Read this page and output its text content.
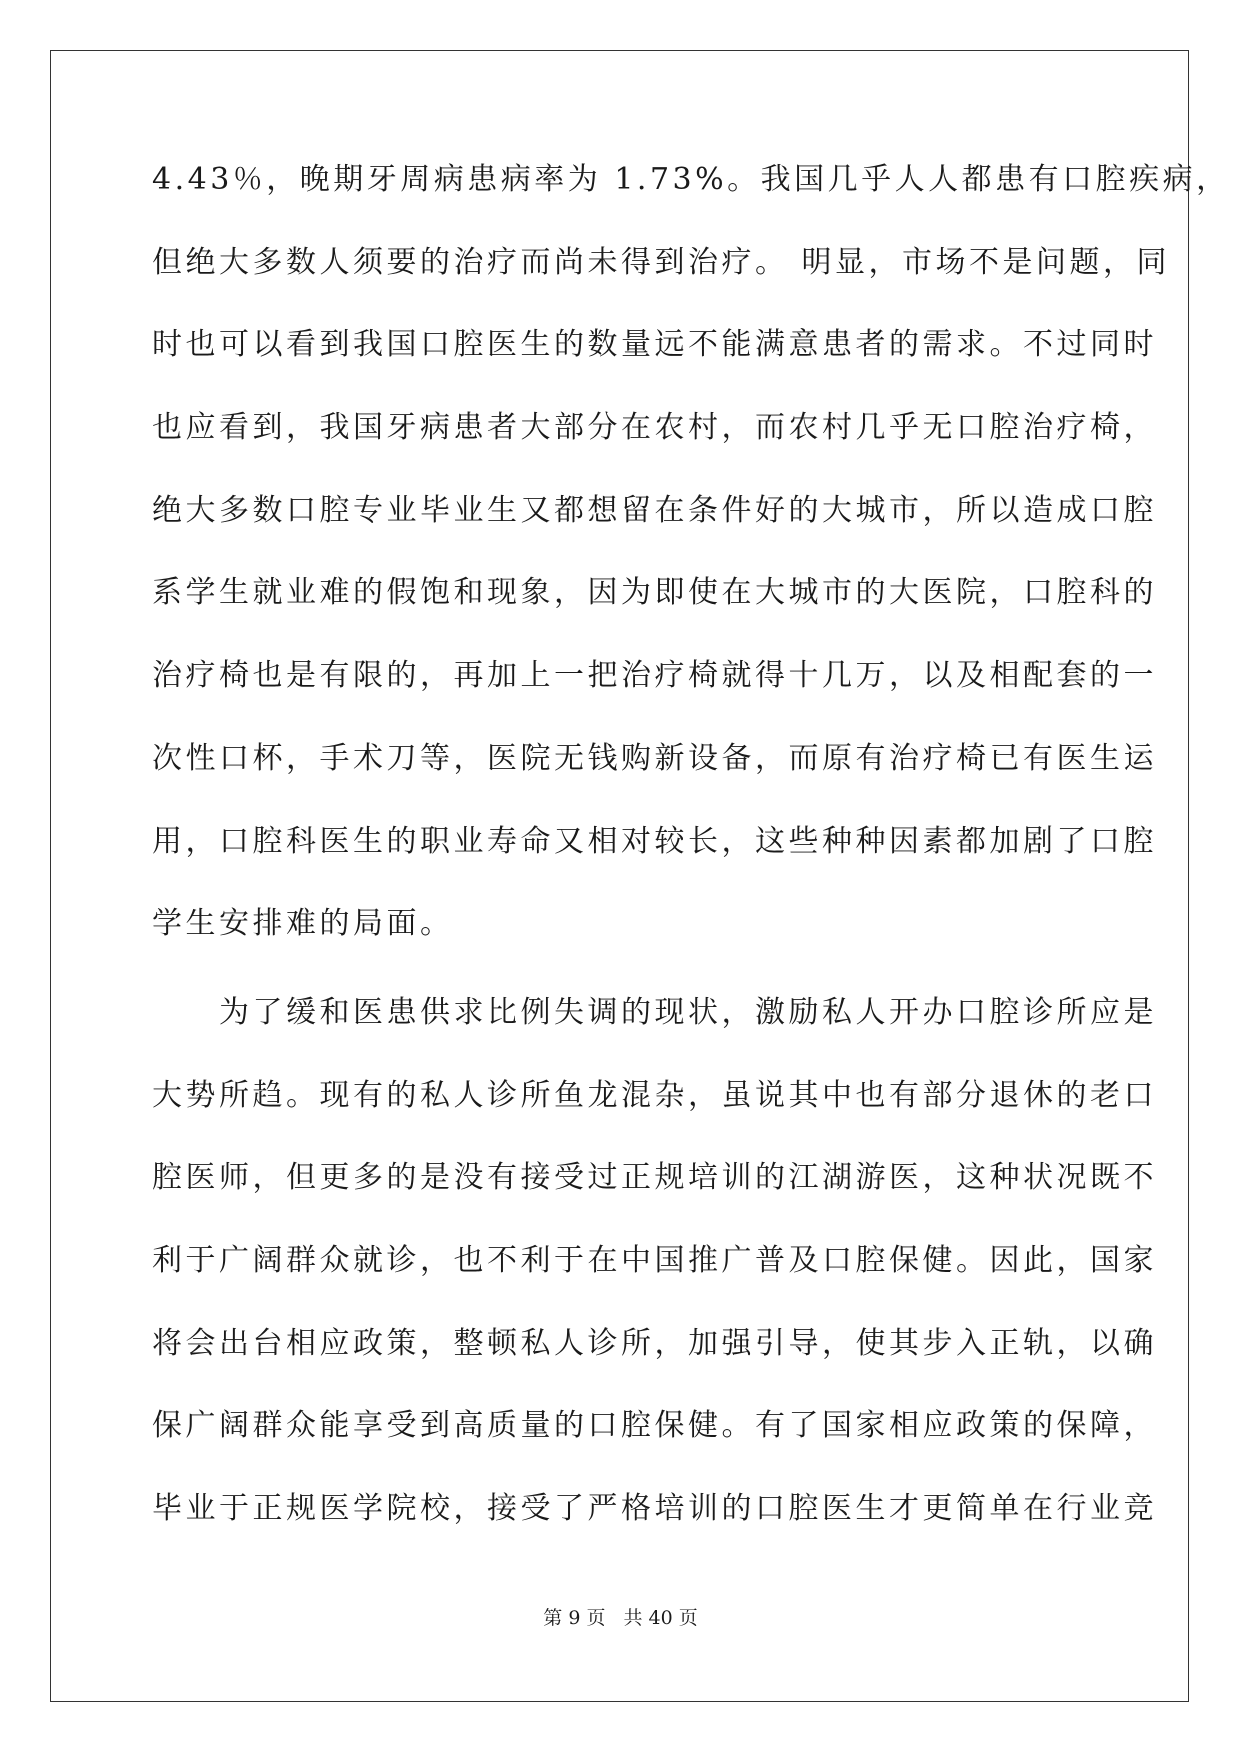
4.43％，晚期牙周病患病率为 1.73%。我国几乎人人都患有口腔疾病，
但绝大多数人须要的治疗而尚未得到治疗。 明显，市场不是问题，同
时也可以看到我国口腔医生的数量远不能满意患者的需求。不过同时
也应看到，我国牙病患者大部分在农村，而农村几乎无口腔治疗椅，
绝大多数口腔专业毕业生又都想留在条件好的大城市，所以造成口腔
系学生就业难的假饱和现象，因为即使在大城市的大医院，口腔科的
治疗椅也是有限的，再加上一把治疗椅就得十几万，以及相配套的一
次性口杯，手术刀等，医院无钱购新设备，而原有治疗椅已有医生运
用，口腔科医生的职业寿命又相对较长，这些种种因素都加剧了口腔
学生安排难的局面。
　　为了缓和医患供求比例失调的现状，激励私人开办口腔诊所应是
大势所趋。现有的私人诊所鱼龙混杂，虽说其中也有部分退休的老口
腔医师，但更多的是没有接受过正规培训的江湖游医，这种状况既不
利于广阔群众就诊，也不利于在中国推广普及口腔保健。因此，国家
将会出台相应政策，整顿私人诊所，加强引导，使其步入正轨，以确
保广阔群众能享受到高质量的口腔保健。有了国家相应政策的保障，
毕业于正规医学院校，接受了严格培训的口腔医生才更简单在行业竞
第 9 页 共 40 页
